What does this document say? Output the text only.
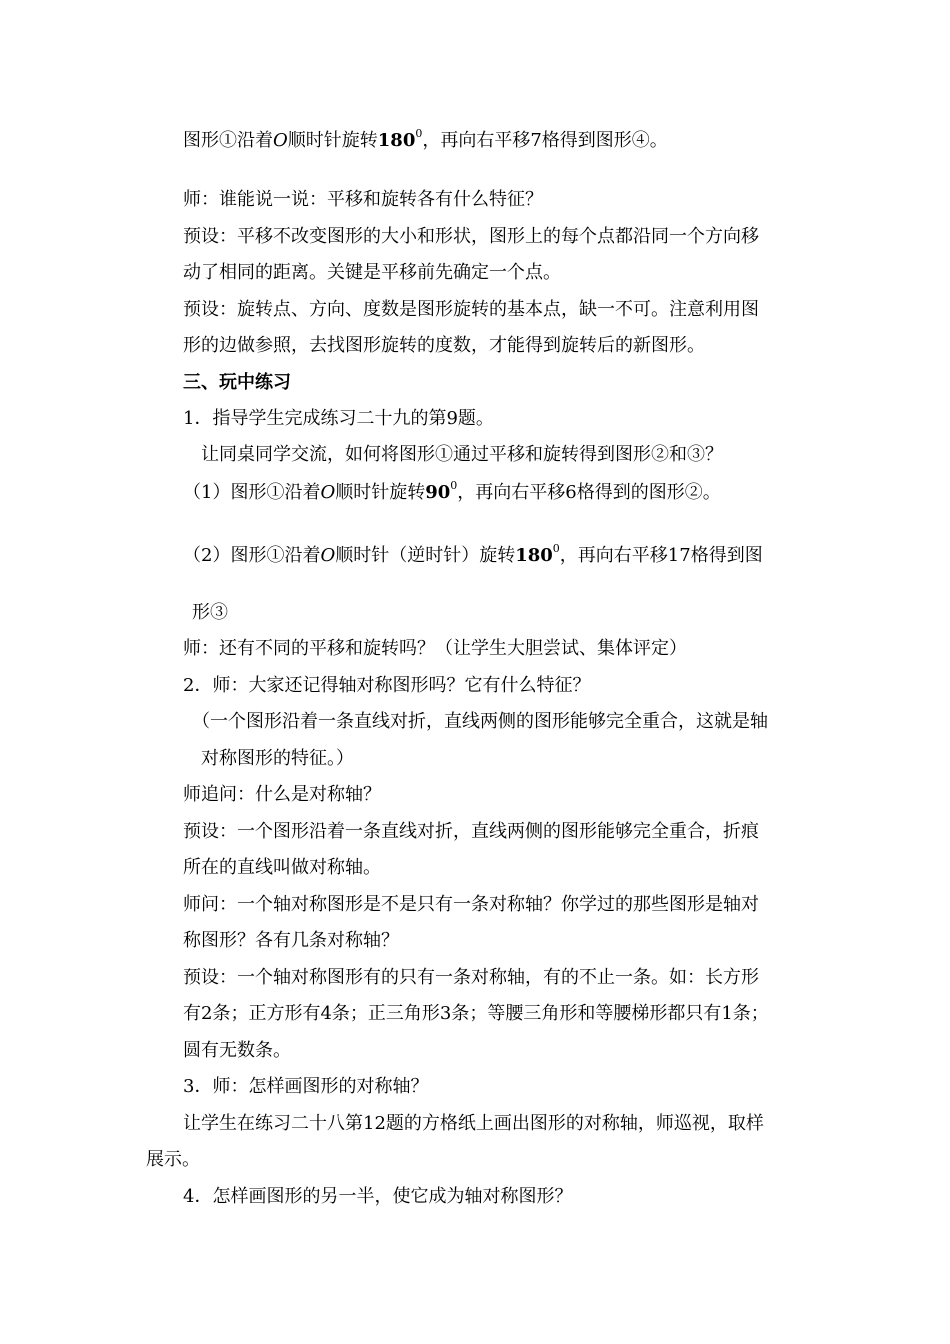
图形①沿着O顺时针旋转$180^0$，再向右平移7格得到图形④。
师：谁能说一说：平移和旋转各有什么特征？
预设：平移不改变图形的大小和形状，图形上的每个点都沿同一个方向移
动了相同的距离。关键是平移前先确定一个点。
预设：旋转点、方向、度数是图形旋转的基本点，缺一不可。注意利用图
形的边做参照，去找图形旋转的度数，才能得到旋转后的新图形。
三、玩中练习
1．指导学生完成练习二十九的第9题。
让同桌同学交流，如何将图形①通过平移和旋转得到图形②和③？
（1）图形①沿着O顺时针旋转$90^0$，再向右平移6格得到的图形②。
（2）图形①沿着O顺时针（逆时针）旋转$180^0$，再向右平移17格得到图
形③
师：还有不同的平移和旋转吗？（让学生大胆尝试、集体评定）
2．师：大家还记得轴对称图形吗？它有什么特征？
（一个图形沿着一条直线对折，直线两侧的图形能够完全重合，这就是轴
对称图形的特征。）
师追问：什么是对称轴？
预设：一个图形沿着一条直线对折，直线两侧的图形能够完全重合，折痕
所在的直线叫做对称轴。
师问：一个轴对称图形是不是只有一条对称轴？你学过的那些图形是轴对
称图形？各有几条对称轴？
预设：一个轴对称图形有的只有一条对称轴，有的不止一条。如：长方形
有2条；正方形有4条；正三角形3条；等腰三角形和等腰梯形都只有1条；
圆有无数条。
3．师：怎样画图形的对称轴？
让学生在练习二十八第12题的方格纸上画出图形的对称轴，师巡视，取样
展示。
4．怎样画图形的另一半，使它成为轴对称图形？
